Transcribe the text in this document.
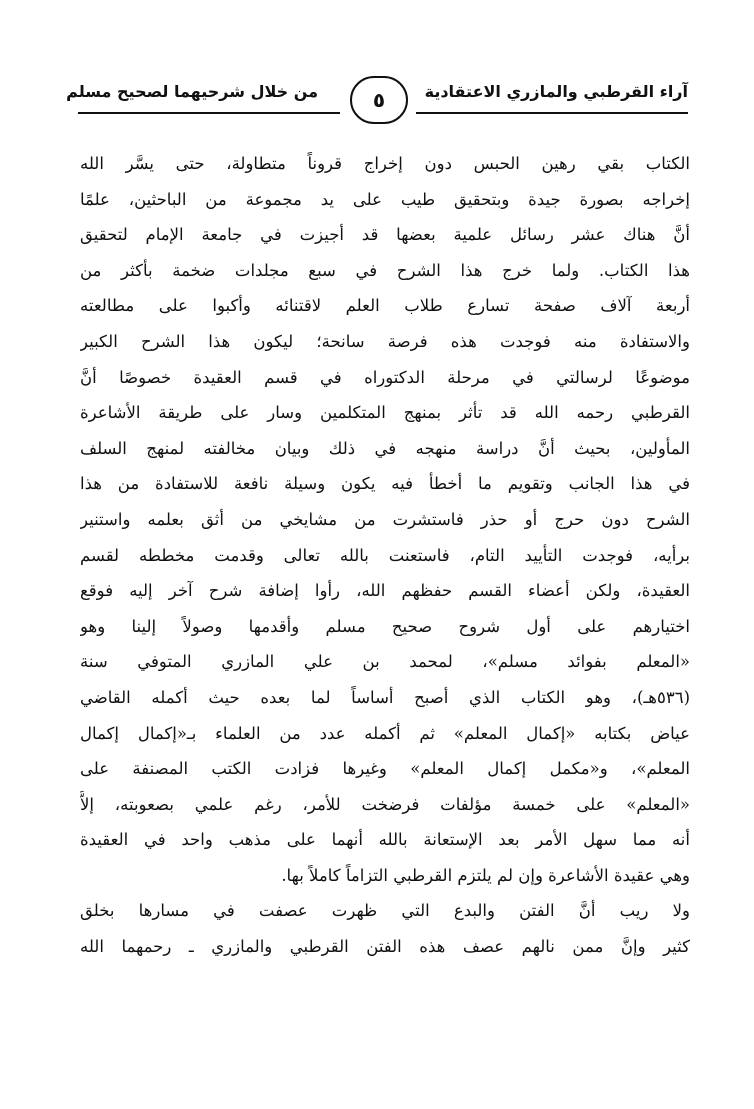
آراء القرطبي والمازري الاعتقادية
من خلال شرحيهما لصحيح مسلم	٥
الكتاب بقي رهين الحبس دون إخراج قروناً متطاولة، حتى يسَّر الله
إخراجه بصورة جيدة وبتحقيق طيب على يد مجموعة من الباحثين، علمًا
أنَّ هناك عشر رسائل علمية بعضها قد أجيزت في جامعة الإمام لتحقيق
هذا الكتاب. ولما خرج هذا الشرح في سبع مجلدات ضخمة بأكثر من
أربعة آلاف صفحة تسارع طلاب العلم لاقتنائه وأكبوا على مطالعته
والاستفادة منه فوجدت هذه فرصة سانحة؛ ليكون هذا الشرح الكبير
موضوعًا لرسالتي في مرحلة الدكتوراه في قسم العقيدة خصوصًا أنَّ
القرطبي رحمه الله قد تأثر بمنهج المتكلمين وسار على طريقة الأشاعرة
المأولين، بحيث أنَّ دراسة منهجه في ذلك وبيان مخالفته لمنهج السلف
في هذا الجانب وتقويم ما أخطأ فيه يكون وسيلة نافعة للاستفادة من هذا
الشرح دون حرج أو حذر فاستشرت من مشايخي من أثق بعلمه واستنير
برأيه، فوجدت التأييد التام، فاستعنت بالله تعالى وقدمت مخططه لقسم
العقيدة، ولكن أعضاء القسم حفظهم الله، رأوا إضافة شرح آخر إليه فوقع
اختيارهم على أول شروح صحيح مسلم وأقدمها وصولاً إلينا وهو
«المعلم بفوائد مسلم»، لمحمد بن علي المازري المتوفي سنة
(٥٣٦هـ)، وهو الكتاب الذي أصبح أساساً لما بعده حيث أكمله القاضي
عياض بكتابه «إكمال المعلم» ثم أكمله عدد من العلماء بـ«إكمال إكمال
المعلم»، و«مكمل إكمال المعلم» وغيرها فزادت الكتب المصنفة على
«المعلم» على خمسة مؤلفات فرضخت للأمر، رغم علمي بصعوبته، إلاَّ
أنه مما سهل الأمر بعد الإستعانة بالله أنهما على مذهب واحد في العقيدة
وهي عقيدة الأشاعرة وإن لم يلتزم القرطبي التزاماً كاملاً بها.
ولا ريب أنَّ الفتن والبدع التي ظهرت عصفت في مسارها بخلق
كثير وإنَّ ممن نالهم عصف هذه الفتن القرطبي والمازري ـ رحمهما الله
